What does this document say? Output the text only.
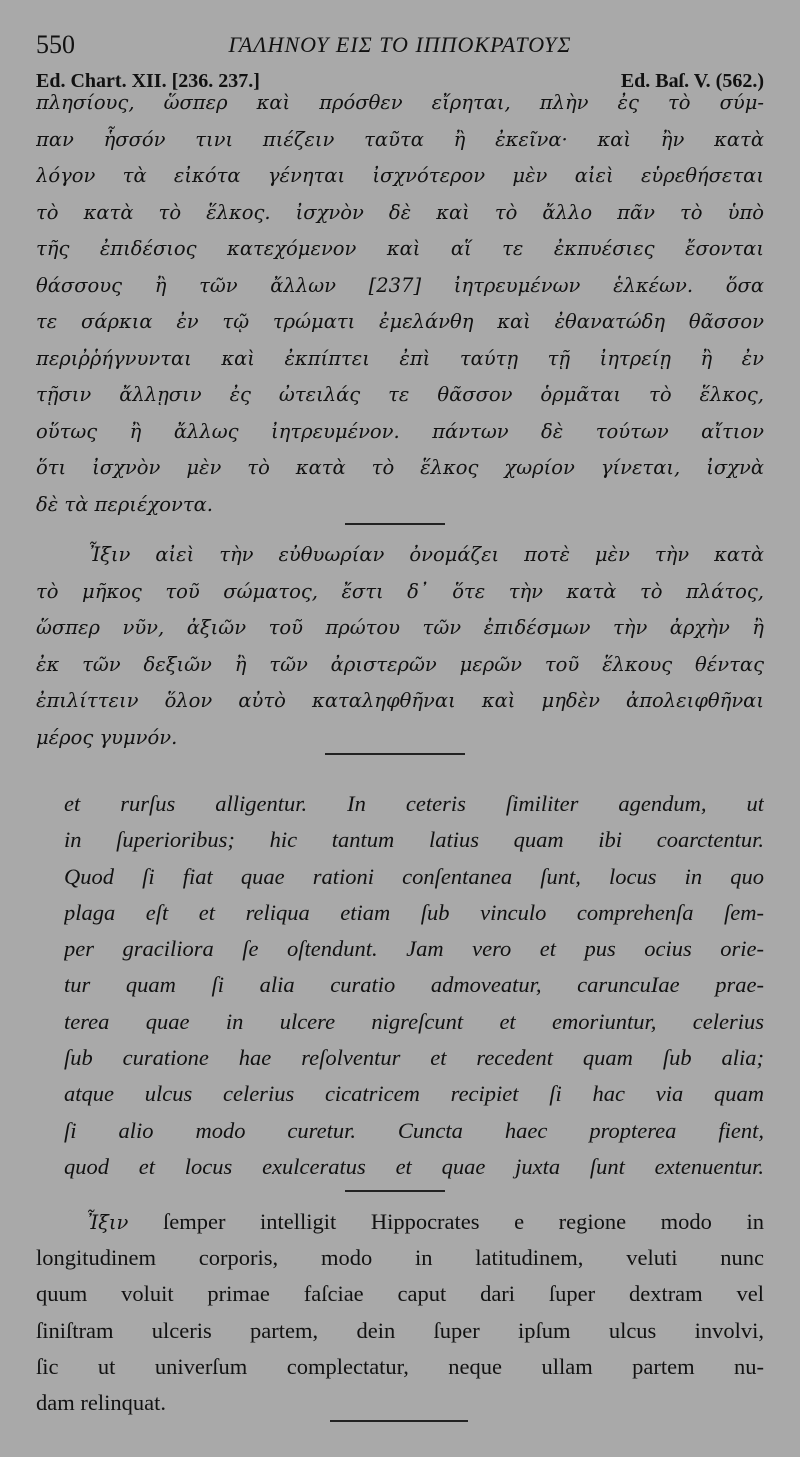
550	ΓΑΛΗΝΟΥ ΕΙΣ ΤΟ ΙΠΠΟΚΡΑΤΟΥΣ
Ed. Chart. XII. [236. 237.]	Ed. Baſ. V. (562.)
πλησίους, ὥσπερ καὶ πρόσθεν εἴρηται, πλὴν ἐς τὸ σύμ-
παν ἧσσόν τινι πιέζειν ταῦτα ἢ ἐκεῖνα· καὶ ἢν κατὰ
λόγον τὰ εἰκότα γένηται ἰσχνότερον μὲν αἰεὶ εὑρεθήσεται
τὸ κατὰ τὸ ἕλκος. ἰσχνὸν δὲ καὶ τὸ ἄλλο πᾶν τὸ ὑπὸ
τῆς ἐπιδέσιος κατεχόμενον καὶ αἵ τε ἐκπυέσιες ἔσονται
θάσσους ἢ τῶν ἄλλων [237] ἰητρευμένων ἑλκέων. ὅσα
τε σάρκια ἐν τῷ τρώματι ἐμελάνθη καὶ ἐθανατώδη θᾶσσον
περιῤῥήγνυνται καὶ ἐκπίπτει ἐπὶ ταύτῃ τῇ ἰητρείῃ ἢ ἐν
τῇσιν ἄλλῃσιν ἐς ὠτειλάς τε θᾶσσον ὁρμᾶται τὸ ἕλκος,
οὕτως ἢ ἄλλως ἰητρευμένον. πάντων δὲ τούτων αἴτιον
ὅτι ἰσχνὸν μὲν τὸ κατὰ τὸ ἕλκος χωρίον γίνεται, ἰσχνὰ
δὲ τὰ περιέχοντα.
Ἶξιν αἰεὶ τὴν εὐθυωρίαν ὀνομάζει ποτὲ μὲν τὴν κατὰ
τὸ μῆκος τοῦ σώματος, ἔστι δ᾽ ὅτε τὴν κατὰ τὸ πλάτος,
ὥσπερ νῦν, ἀξιῶν τοῦ πρώτου τῶν ἐπιδέσμων τὴν ἀρχὴν ἢ
ἐκ τῶν δεξιῶν ἢ τῶν ἀριστερῶν μερῶν τοῦ ἕλκους θέντας
ἐπιλίττειν ὅλον αὐτὸ καταληφθῆναι καὶ μηδὲν ἀπολειφθῆναι
μέρος γυμνόν.
et rurſus alligentur. In ceteris ſimiliter agendum, ut
in ſuperioribus; hic tantum latius quam ibi coarctentur.
Quod ſi fiat quae rationi conſentanea ſunt, locus in quo
plaga eſt et reliqua etiam ſub vinculo comprehenſa ſem-
per graciliora ſe oſtendunt. Jam vero et pus ocius orie-
tur quam ſi alia curatio admoveatur, caruncuIae prae-
terea quae in ulcere nigreſcunt et emoriuntur, celerius
ſub curatione hae reſolventur et recedent quam ſub alia;
atque ulcus celerius cicatricem recipiet ſi hac via quam
ſi alio modo curetur. Cuncta haec propterea fient,
quod et locus exulceratus et quae juxta ſunt extenuentur.
Ἶξιν ſemper intelligit Hippocrates e regione modo in
longitudinem corporis, modo in latitudinem, veluti nunc
quum voluit primae faſciae caput dari ſuper dextram vel
ſiniſtram ulceris partem, dein ſuper ipſum ulcus involvi,
ſic ut univerſum complectatur, neque ullam partem nu-
dam relinquat.
